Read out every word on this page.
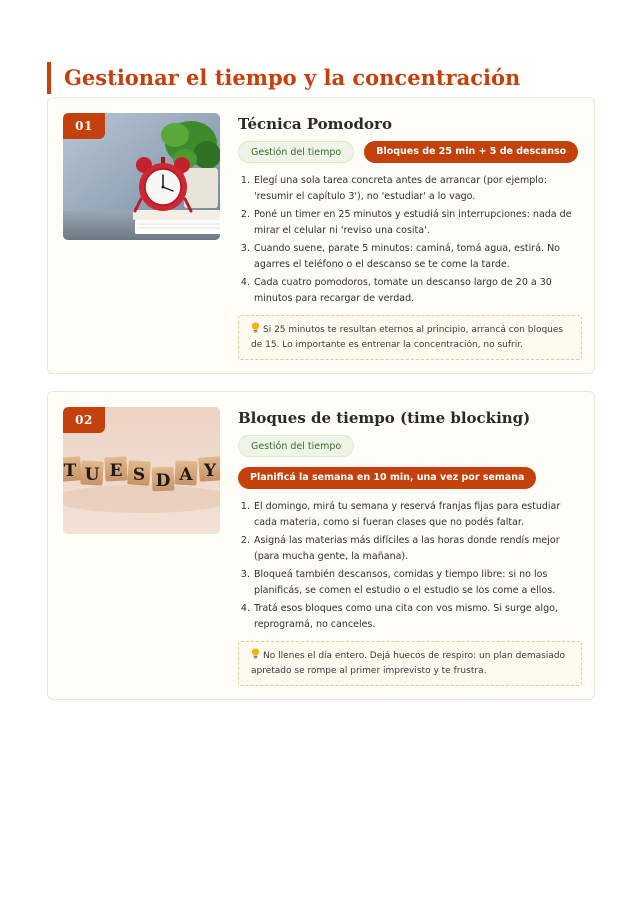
Gestionar el tiempo y la concentración
01	Técnica Pomodoro
Gestión del tiempo	Bloques de 25 min + 5 de descanso
1. Elegí una sola tarea concreta antes de arrancar (por ejemplo: 'resumir el capítulo 3'), no 'estudiar' a lo vago.
2. Poné un timer en 25 minutos y estudiá sin interrupciones: nada de mirar el celular ni 'reviso una cosita'.
3. Cuando suene, parate 5 minutos: caminá, tomá agua, estirá. No agarres el teléfono o el descanso se te come la tarde.
4. Cada cuatro pomodoros, tomate un descanso largo de 20 a 30 minutos para recargar de verdad.
Si 25 minutos te resultan eternos al principio, arrancá con bloques de 15. Lo importante es entrenar la concentración, no sufrir.
T U E S D A Y
02	Bloques de tiempo (time blocking)
Gestión del tiempo
Planificá la semana en 10 min, una vez por semana
1. El domingo, mirá tu semana y reservá franjas fijas para estudiar cada materia, como si fueran clases que no podés faltar.
2. Asigná las materias más difíciles a las horas donde rendís mejor (para mucha gente, la mañana).
3. Bloqueá también descansos, comidas y tiempo libre: si no los planificás, se comen el estudio o el estudio se los come a ellos.
4. Tratá esos bloques como una cita con vos mismo. Si surge algo, reprogramá, no canceles.
No llenes el día entero. Dejá huecos de respiro: un plan demasiado apretado se rompe al primer imprevisto y te frustra.
